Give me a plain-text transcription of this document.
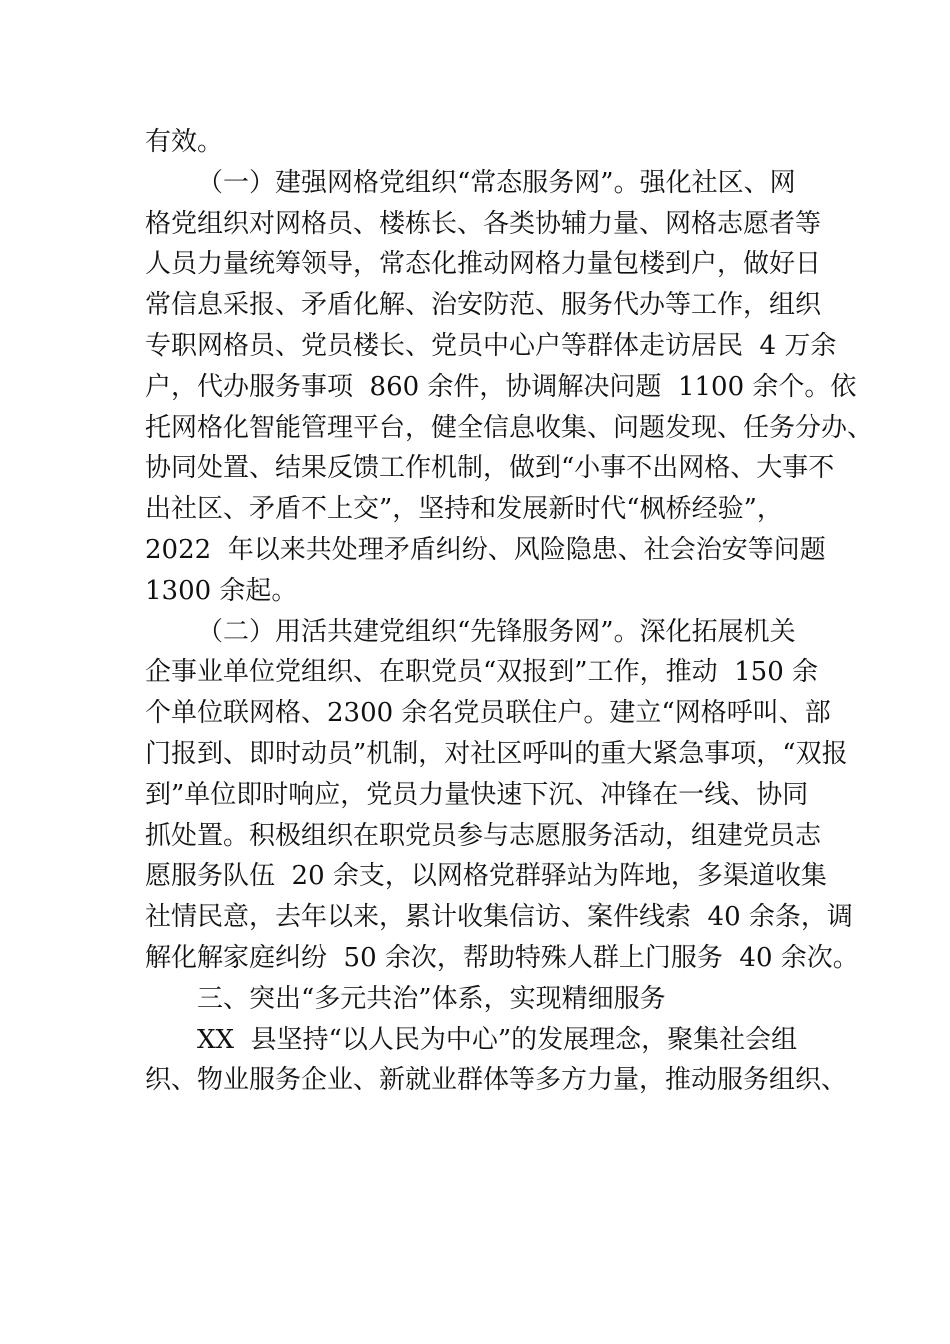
有效。
（一）建强网格党组织“常态服务网”。强化社区、网
格党组织对网格员、楼栋长、各类协辅力量、网格志愿者等
人员力量统筹领导，常态化推动网格力量包楼到户，做好日
常信息采报、矛盾化解、治安防范、服务代办等工作，组织
专职网格员、党员楼长、党员中心户等群体走访居民  4 万余
户，代办服务事项  860 余件，协调解决问题  1100 余个。依
托网格化智能管理平台，健全信息收集、问题发现、任务分办、
协同处置、结果反馈工作机制，做到“小事不出网格、大事不
出社区、矛盾不上交”，坚持和发展新时代“枫桥经验”，
2022  年以来共处理矛盾纠纷、风险隐患、社会治安等问题
1300 余起。
（二）用活共建党组织“先锋服务网”。深化拓展机关
企事业单位党组织、在职党员“双报到”工作，推动  150 余
个单位联网格、2300 余名党员联住户。建立“网格呼叫、部
门报到、即时动员”机制，对社区呼叫的重大紧急事项，“双报
到”单位即时响应，党员力量快速下沉、冲锋在一线、协同
抓处置。积极组织在职党员参与志愿服务活动，组建党员志
愿服务队伍  20 余支，以网格党群驿站为阵地，多渠道收集
社情民意，去年以来，累计收集信访、案件线索  40 余条，调
解化解家庭纠纷  50 余次，帮助特殊人群上门服务  40 余次。
三、突出“多元共治”体系，实现精细服务
XX  县坚持“以人民为中心”的发展理念，聚集社会组
织、物业服务企业、新就业群体等多方力量，推动服务组织、
